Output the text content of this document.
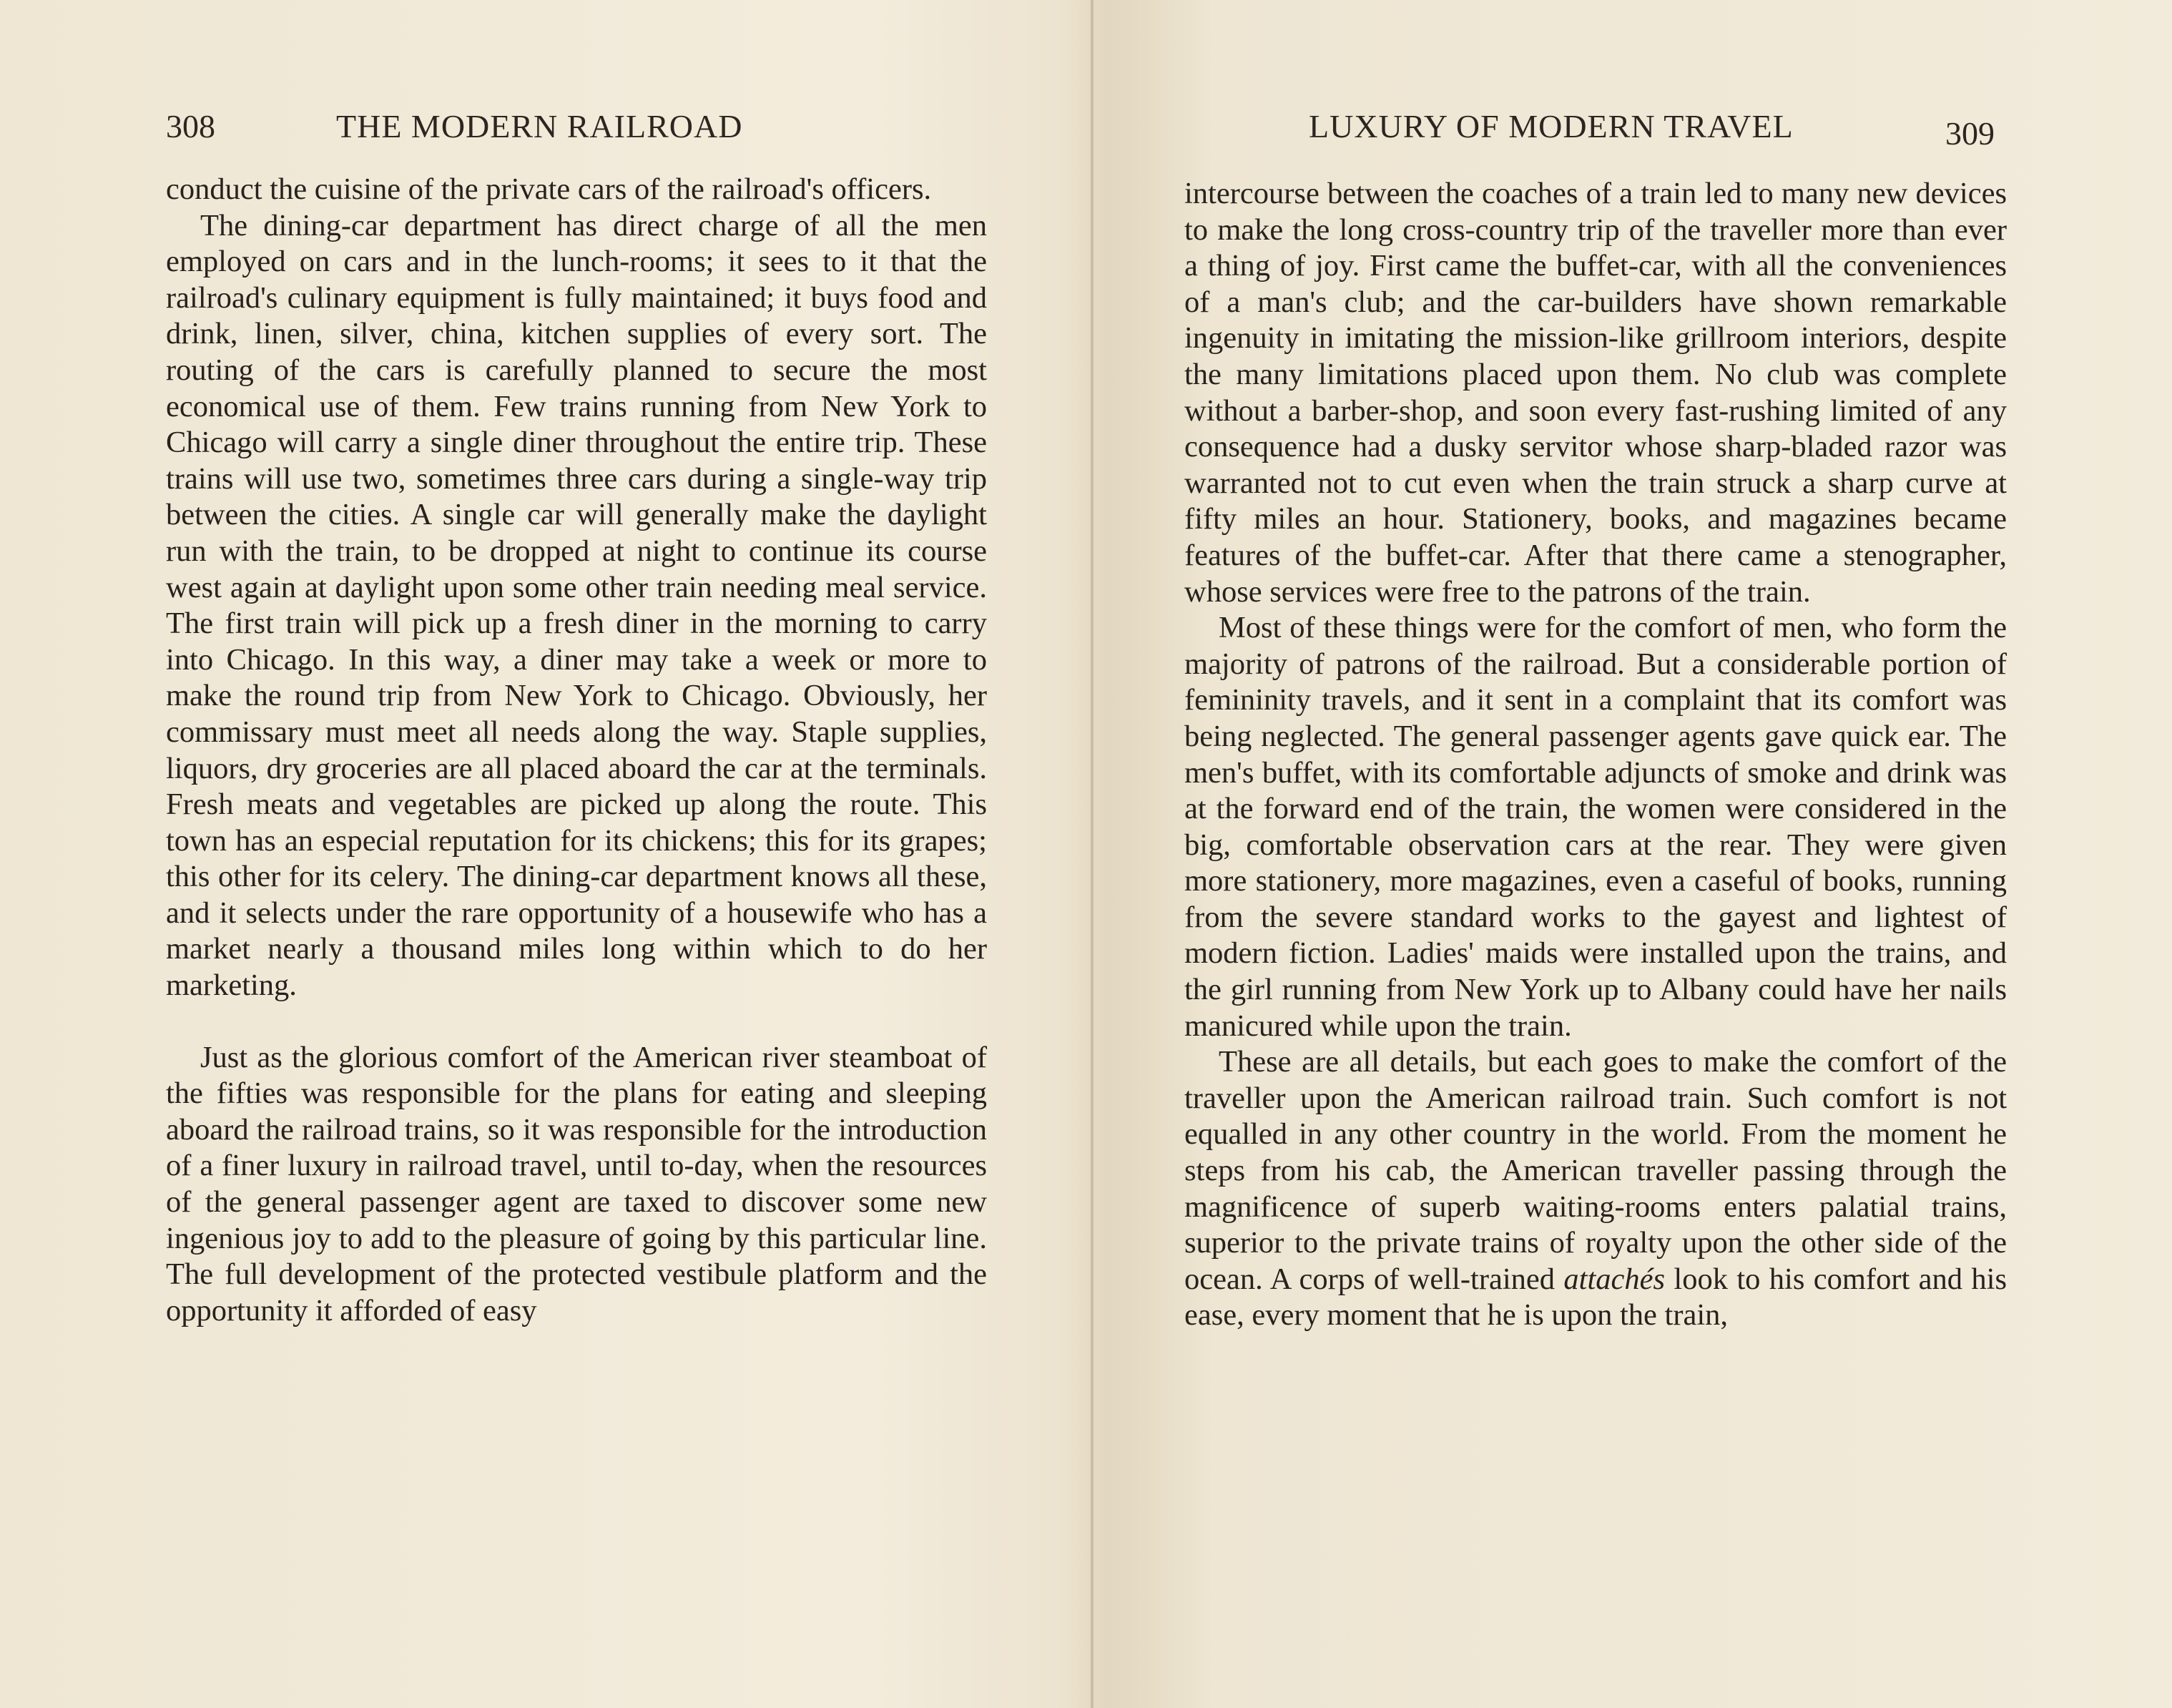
308	THE MODERN RAILROAD

conduct the cuisine of the private cars of the railroad's officers.

The dining-car department has direct charge of all the men employed on cars and in the lunch-rooms; it sees to it that the railroad's culinary equipment is fully maintained; it buys food and drink, linen, silver, china, kitchen supplies of every sort. The routing of the cars is carefully planned to secure the most economical use of them. Few trains running from New York to Chicago will carry a single diner throughout the entire trip. These trains will use two, sometimes three cars during a single-way trip between the cities. A single car will generally make the daylight run with the train, to be dropped at night to continue its course west again at daylight upon some other train needing meal service. The first train will pick up a fresh diner in the morning to carry into Chicago. In this way, a diner may take a week or more to make the round trip from New York to Chicago. Obviously, her commissary must meet all needs along the way. Staple supplies, liquors, dry groceries are all placed aboard the car at the terminals. Fresh meats and vegetables are picked up along the route. This town has an especial reputation for its chickens; this for its grapes; this other for its celery. The dining-car department knows all these, and it selects under the rare opportunity of a housewife who has a market nearly a thousand miles long within which to do her marketing.

Just as the glorious comfort of the American river steamboat of the fifties was responsible for the plans for eating and sleeping aboard the railroad trains, so it was responsible for the introduction of a finer luxury in railroad travel, until to-day, when the resources of the general passenger agent are taxed to discover some new ingenious joy to add to the pleasure of going by this particular line. The full development of the protected vestibule platform and the opportunity it afforded of easy

LUXURY OF MODERN TRAVEL	309

intercourse between the coaches of a train led to many new devices to make the long cross-country trip of the traveller more than ever a thing of joy. First came the buffet-car, with all the conveniences of a man's club; and the car-builders have shown remarkable ingenuity in imitating the mission-like grillroom interiors, despite the many limitations placed upon them. No club was complete without a barber-shop, and soon every fast-rushing limited of any consequence had a dusky servitor whose sharp-bladed razor was warranted not to cut even when the train struck a sharp curve at fifty miles an hour. Stationery, books, and magazines became features of the buffet-car. After that there came a stenographer, whose services were free to the patrons of the train.

Most of these things were for the comfort of men, who form the majority of patrons of the railroad. But a considerable portion of femininity travels, and it sent in a complaint that its comfort was being neglected. The general passenger agents gave quick ear. The men's buffet, with its comfortable adjuncts of smoke and drink was at the forward end of the train, the women were considered in the big, comfortable observation cars at the rear. They were given more stationery, more magazines, even a caseful of books, running from the severe standard works to the gayest and lightest of modern fiction. Ladies' maids were installed upon the trains, and the girl running from New York up to Albany could have her nails manicured while upon the train.

These are all details, but each goes to make the comfort of the traveller upon the American railroad train. Such comfort is not equalled in any other country in the world. From the moment he steps from his cab, the American traveller passing through the magnificence of superb waiting-rooms enters palatial trains, superior to the private trains of royalty upon the other side of the ocean. A corps of well-trained attachés look to his comfort and his ease, every moment that he is upon the train,
